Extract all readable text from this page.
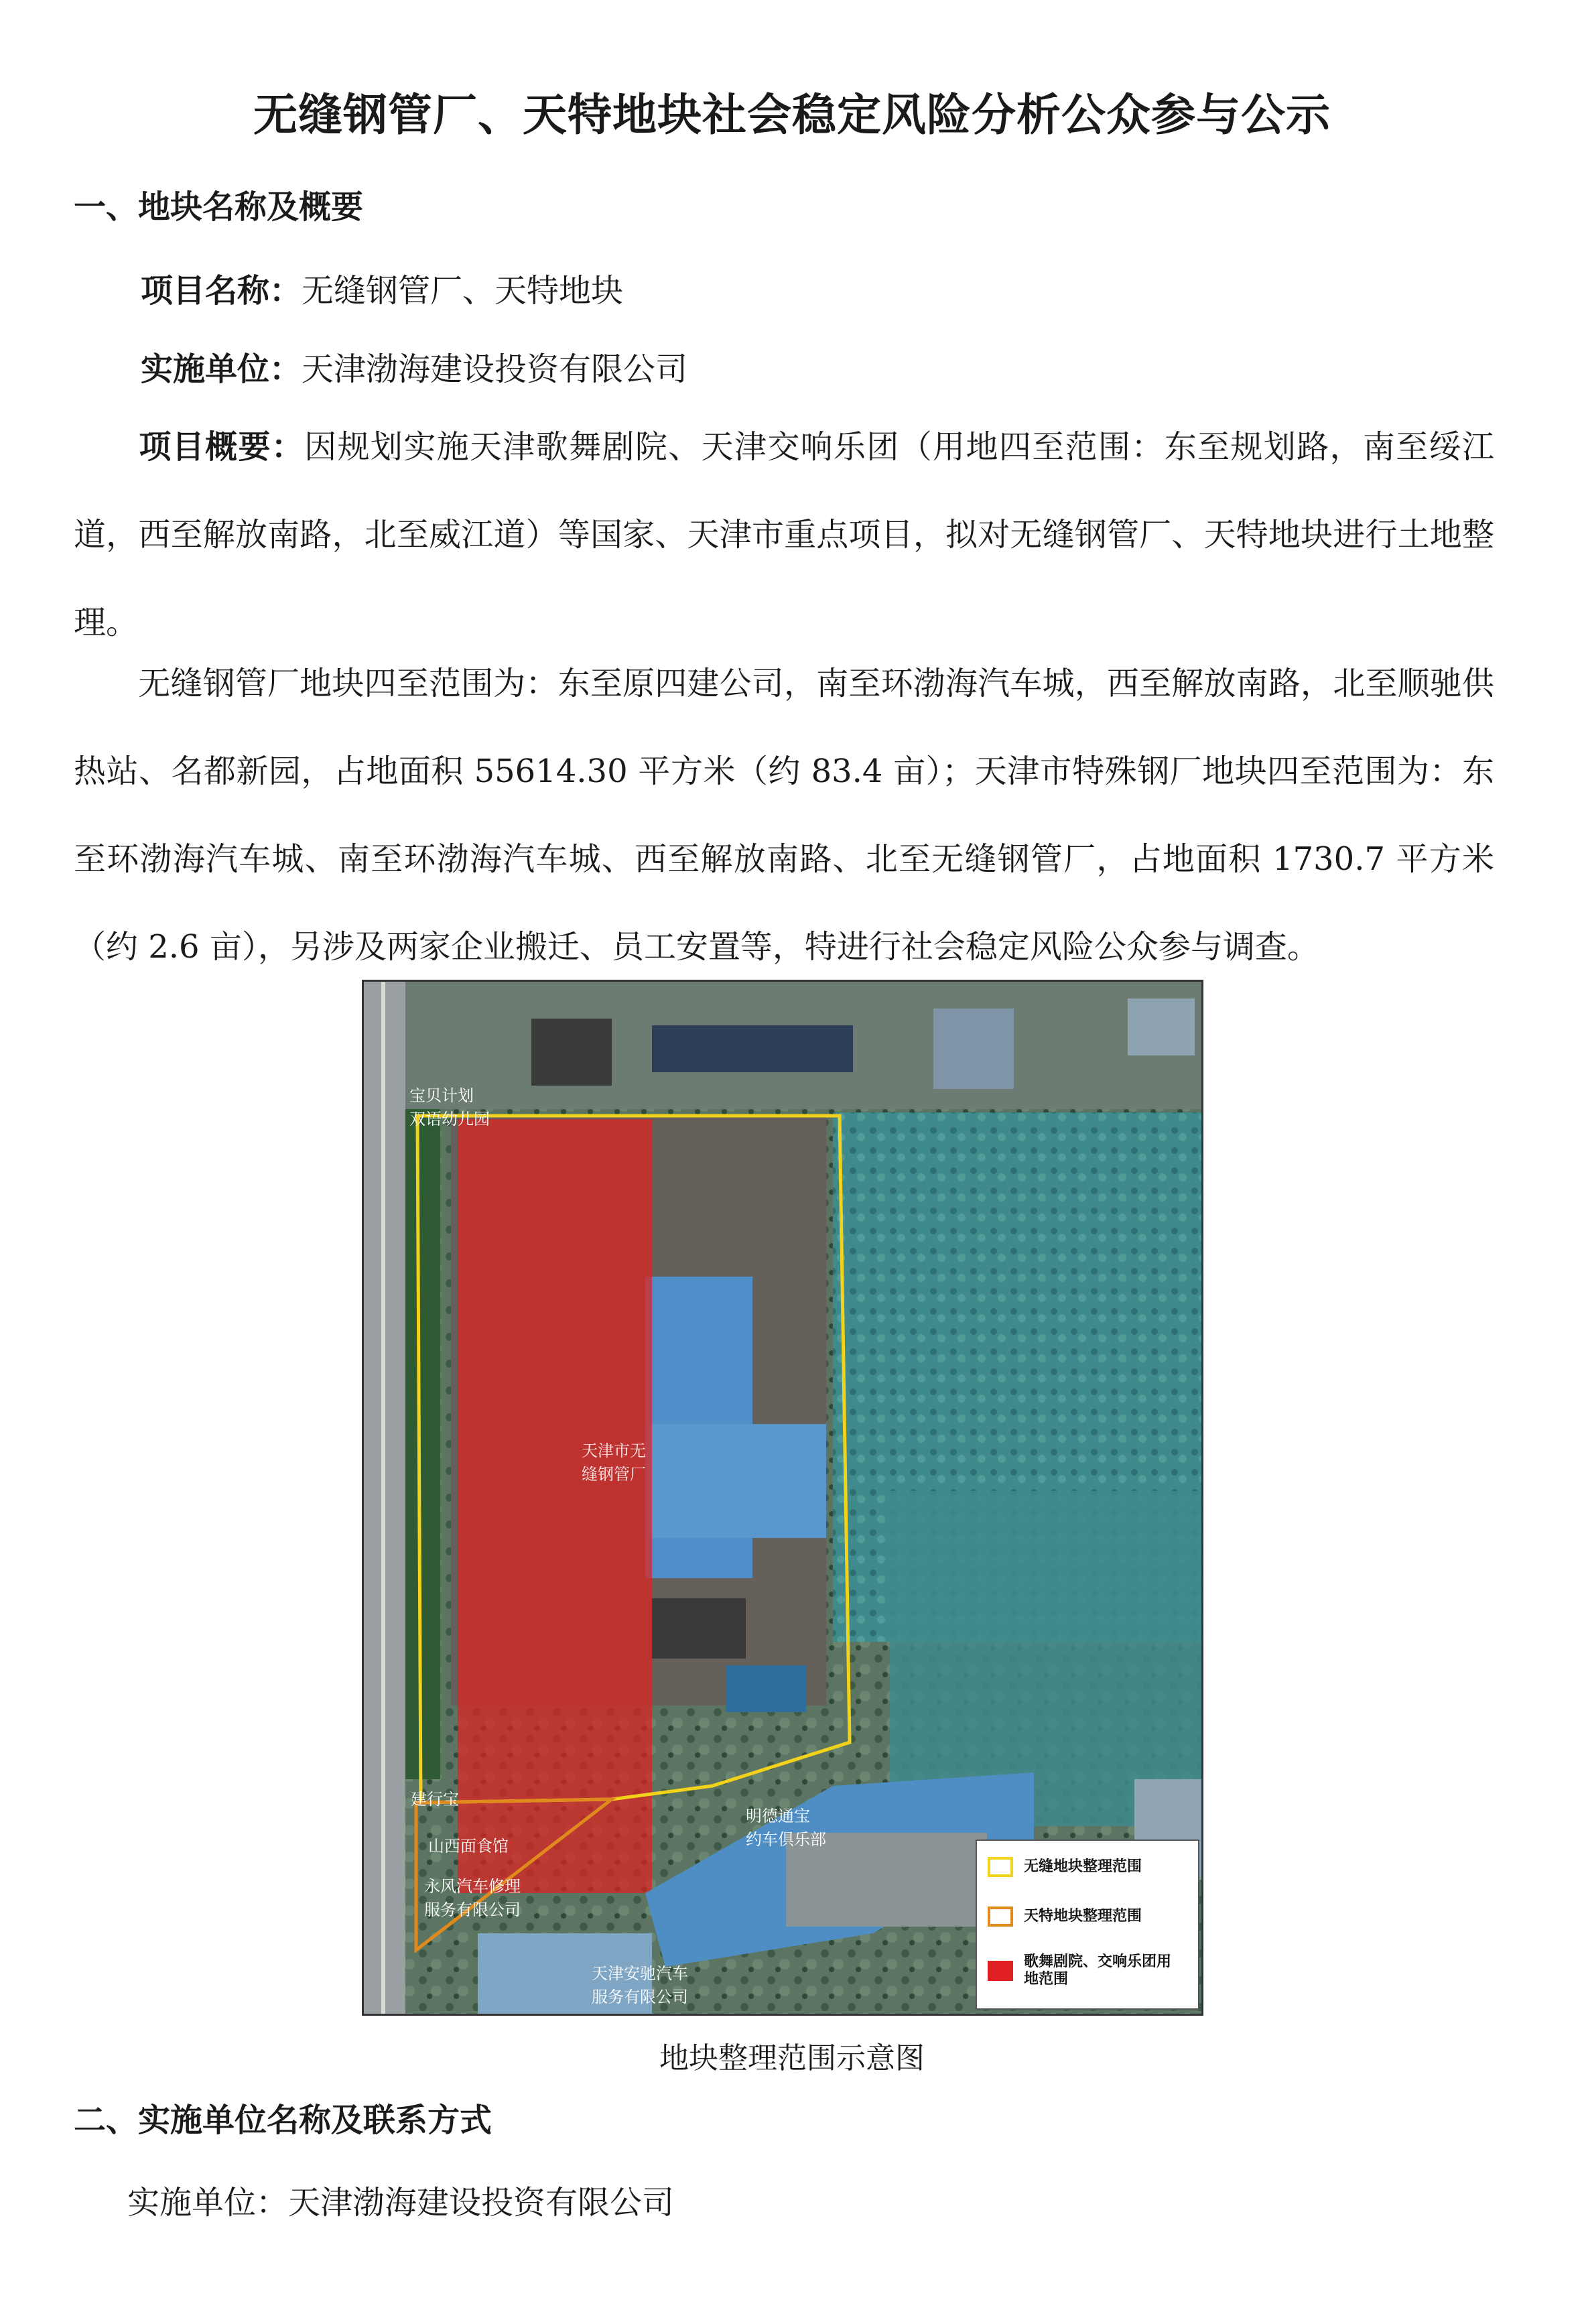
无缝钢管厂、天特地块社会稳定风险分析公众参与公示
一、地块名称及概要
项目名称：无缝钢管厂、天特地块
实施单位：天津渤海建设投资有限公司
项目概要：因规划实施天津歌舞剧院、天津交响乐团（用地四至范围：东至规划路，南至绥江道，西至解放南路，北至威江道）等国家、天津市重点项目，拟对无缝钢管厂、天特地块进行土地整理。
无缝钢管厂地块四至范围为：东至原四建公司，南至环渤海汽车城，西至解放南路，北至顺驰供热站、名都新园，占地面积 55614.30 平方米（约 83.4 亩）；天津市特殊钢厂地块四至范围为：东至环渤海汽车城、南至环渤海汽车城、西至解放南路、北至无缝钢管厂，占地面积 1730.7 平方米（约 2.6 亩），另涉及两家企业搬迁、员工安置等，特进行社会稳定风险公众参与调查。
宝贝计划
双语幼儿园
天津市无
缝钢管厂
明德通宝
约车俱乐部
山西面食馆
永风汽车修理
服务有限公司
天津安驰汽车
服务有限公司
建行宝
无缝地块整理范围
天特地块整理范围
歌舞剧院、交响乐团用地范围
地块整理范围示意图
二、实施单位名称及联系方式
实施单位：天津渤海建设投资有限公司
